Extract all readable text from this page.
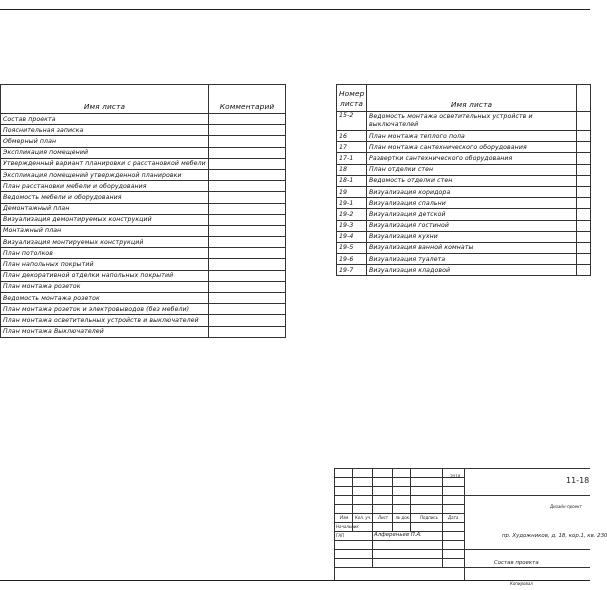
Имя листа	Комментарий
Состав проекта	
Пояснительная записка	
Обмерный план	
Экспликация помещений	
Утвержденный вариант планировки с расстановкой мебели	
Экспликация помещений утвержденной планировки	
План расстановки мебели и оборудования	
Ведомость мебели и оборудования	
Демонтажный план	
Визуализация демонтируемых конструкций	
Монтажный план	
Визуализация монтируемых конструкций	
План потолков	
План напольных покрытий	
План декоративной отделки напольных покрытий	
План монтажа розеток	
Ведомость монтажа розеток	
План монтажа розеток и электровыводов (без мебели)	
План монтажа осветительных устройств и выключателей	
План монтажа Выключателей	
Номер листа	Имя листа	
15-2	Ведомость монтажа осветительных устройств и выключателей	
16	План монтажа теплого пола	
17	План монтажа сантехнического оборудования	
17-1	Развертки сантехнического оборудования	
18	План отделки стен	
18-1	Ведомость отделки стен	
19	Визуализация коридора	
19-1	Визуализация спальни	
19-2	Визуализация детской	
19-3	Визуализация гостиной	
19-4	Визуализация кухни	
19-5	Визуализация ванной комнаты	
19-6	Визуализация туалета	
19-7	Визуализация кладовой	
2018	11-18
Дизайн-проект
Изм. Кол. уч. Лист № док. Подпись	Дата
Начальник
ГАП	Алференьев П.А.	пр. Художников, д. 18, кор.1, кв. 230
Состав проекта
Копировал
